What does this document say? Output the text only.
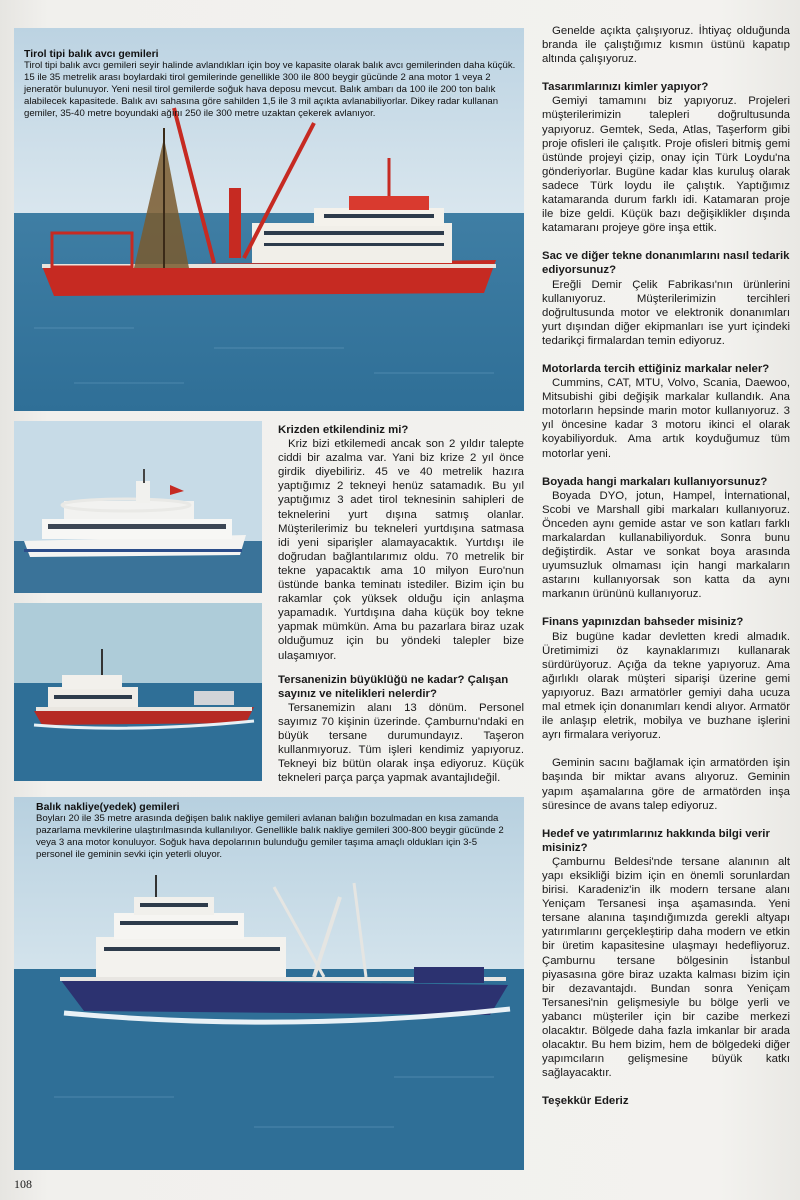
Tirol tipi balık avcı gemileri
Tirol tipi balık avcı gemileri seyir halinde avlandıkları için boy ve kapasite olarak balık avcı gemilerinden daha küçük. 15 ile 35 metrelik arası boylardaki tirol gemilerinde genellikle 300 ile 800 beygir gücünde 2 ana motor 1 veya 2 jeneratör bulunuyor. Yeni nesil tirol gemilerde soğuk hava deposu mevcut. Balık ambarı da 100 ile 200 ton balık alabilecek kapasitede. Balık avı sahasına göre sahilden 1,5 ile 3 mil açıkta avlanabiliyorlar. Dikey radar kullanan gemiler, 35-40 metre boyundaki ağını 250 ile 300 metre uzaktan çekerek avlanıyor.
Balık nakliye(yedek) gemileri
Boyları 20 ile 35 metre arasında değişen balık nakliye gemileri avlanan balığın bozulmadan en kısa zamanda pazarlama mevkilerine ulaştırılmasında kullanılıyor. Genellikle balık nakliye gemileri 300-800 beygir gücünde 2 veya 3 ana motor konuluyor. Soğuk hava depolarının bulunduğu gemiler taşıma amaçlı oldukları için 3-5 personel ile geminin sevki için yeterli oluyor.
Krizden etkilendiniz mi?

Kriz bizi etkilemedi ancak son 2 yıldır talepte ciddi bir azalma var. Yani biz krize 2 yıl önce girdik diyebiliriz. 45 ve 40 metrelik hazıra yaptığımız 2 tekneyi henüz satamadık. Bu yıl yaptığımız 3 adet tirol teknesinin sahipleri de teknelerini yurt dışına satmış olanlar. Müşterilerimiz bu tekneleri yurtdışına satmasa idi yeni siparişler alamayacaktık. Yurtdışı ile doğrudan bağlantılarımız oldu. 70 metrelik bir tekne yapacaktık ama 10 milyon Euro'nun üstünde banka teminatı istediler. Bizim için bu rakamlar çok yüksek olduğu için anlaşma yapamadık. Yurtdışına daha küçük boy tekne yapmak mümkün. Ama bu pazarlara biraz uzak olduğumuz için bu yöndeki talepler bize ulaşamıyor.

Tersanenizin büyüklüğü ne kadar? Çalışan sayınız ve nitelikleri nelerdir?

Tersanemizin alanı 13 dönüm. Personel sayımız 70 kişinin üzerinde. Çamburnu'ndaki en büyük tersane durumundayız. Taşeron kullanmıyoruz. Tüm işleri kendimiz yapıyoruz. Tekneyi biz bütün olarak inşa ediyoruz. Küçük tekneleri parça parça yapmak avantajlıdeğil.

Genelde açıkta çalışıyoruz. İhtiyaç olduğunda branda ile çalıştığımız kısmın üstünü kapatıp altında çalışıyoruz.

Tasarımlarınızı kimler yapıyor?

Gemiyi tamamını biz yapıyoruz. Projeleri müşterilerimizin talepleri doğrultusunda yapıyoruz. Gemtek, Seda, Atlas, Taşerform gibi proje ofisleri ile çalışıtk. Proje ofisleri bitmiş gemi üstünde projeyi çizip, onay için Türk Loydu'na gönderiyorlar. Bugüne kadar klas kuruluş olarak sadece Türk loydu ile çalıştık. Yaptığımız katamaranda durum farklı idi. Katamaran proje ile bize geldi. Küçük bazı değişiklikler dışında katamaranı projeye göre inşa ettik.

Sac ve diğer tekne donanımlarını nasıl tedarik ediyorsunuz?

Ereğli Demir Çelik Fabrikası'nın ürünlerini kullanıyoruz. Müşterilerimizin tercihleri doğrultusunda motor ve elektronik donanımları yurt dışından diğer ekipmanları ise yurt içindeki tedarikçi firmalardan temin ediyoruz.

Motorlarda tercih ettiğiniz markalar neler?

Cummins, CAT, MTU, Volvo, Scania, Daewoo, Mitsubishi gibi değişik markalar kullandık. Ana motorların hepsinde marin motor kullanıyoruz. 3 yıl öncesine kadar 3 motoru ikinci el olarak koyabiliyorduk. Ama artık koyduğumuz tüm motorlar yeni.

Boyada hangi markaları kullanıyorsunuz?

Boyada DYO, jotun, Hampel, İnternational, Scobi ve Marshall gibi markaları kullanıyoruz. Önceden aynı gemide astar ve son katları farklı markalardan kullanabiliyorduk. Sonra bunu değiştirdik. Astar ve sonkat boya arasında uyumsuzluk olmaması için hangi markaların astarını kullanıyorsak son katta da aynı markanın ürününü kullanıyoruz.

Finans yapınızdan bahseder misiniz?

Biz bugüne kadar devletten kredi almadık. Üretimimizi öz kaynaklarımızı kullanarak sürdürüyoruz. Açığa da tekne yapıyoruz. Ama ağırlıklı olarak müşteri siparişi üzerine gemi yapıyoruz. Bazı armatörler gemiyi daha ucuza mal etmek için donanımları kendi alıyor. Armatör ile anlaşıp eletrik, mobilya ve buzhane işlerini ayrı firmalara veriyoruz.

Geminin sacını bağlamak için armatörden işin başında bir miktar avans alıyoruz. Geminin yapım aşamalarına göre de armatörden inşa süresince de avans talep ediyoruz.

Hedef ve yatırımlarınız hakkında bilgi verir misiniz?

Çamburnu Beldesi'nde tersane alanının alt yapı eksikliği bizim için en önemli sorunlardan birisi. Karadeniz'in ilk modern tersane alanı Yeniçam Tersanesi inşa aşamasında. Yeni tersane alanına taşındığımızda gerekli altyapı yatırımlarını gerçekleştirip daha modern ve etkin bir üretim kapasitesine ulaşmayı hedefliyoruz. Çamburnu tersane bölgesinin İstanbul piyasasına göre biraz uzakta kalması bizim için bir dezavantajdı. Bundan sonra Yeniçam Tersanesi'nin gelişmesiyle bu bölge yerli ve yabancı müşteriler için bir cazibe merkezi olacaktır. Bölgede daha fazla imkanlar bir arada olacaktır. Bu hem bizim, hem de bölgedeki diğer yapımcıların gelişmesine büyük katkı sağlayacaktır.

Teşekkür Ederiz
108
